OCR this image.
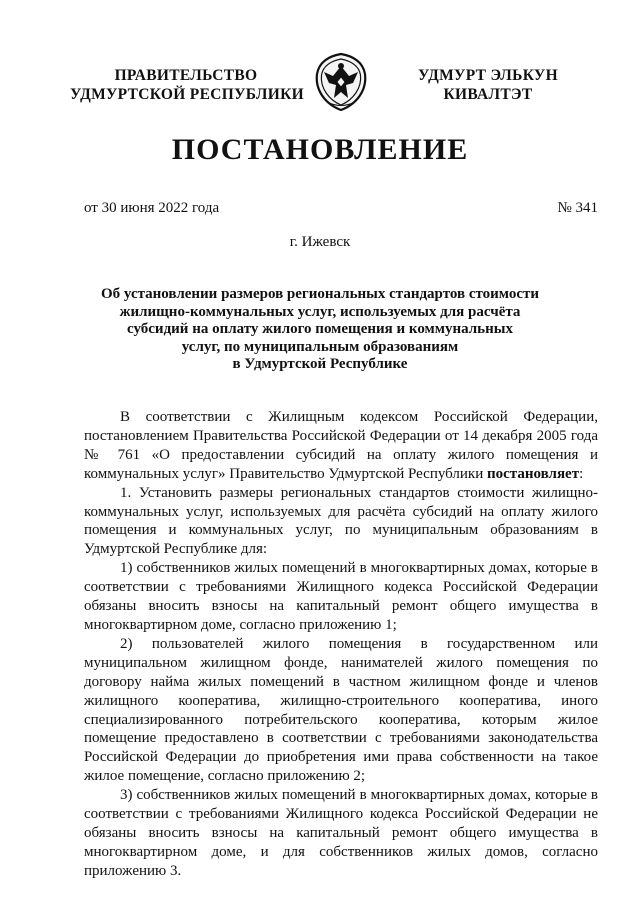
ПРАВИТЕЛЬСТВО
УДМУРТСКОЙ РЕСПУБЛИКИ
УДМУРТ ЭЛЬКУН
КИВАЛТЭТ
ПОСТАНОВЛЕНИЕ
от 30 июня 2022 года	№ 341
г. Ижевск
Об установлении размеров региональных стандартов стоимости
жилищно-коммунальных услуг, используемых для расчёта
субсидий на оплату жилого помещения и коммунальных
услуг, по муниципальным образованиям
в Удмуртской Республике

В соответствии с Жилищным кодексом Российской Федерации, постановлением Правительства Российской Федерации от 14 декабря 2005 года № 761 «О предоставлении субсидий на оплату жилого помещения и коммунальных услуг» Правительство Удмуртской Республики постановляет:

1. Установить размеры региональных стандартов стоимости жилищно-коммунальных услуг, используемых для расчёта субсидий на оплату жилого помещения и коммунальных услуг, по муниципальным образованиям в Удмуртской Республике для:

1) собственников жилых помещений в многоквартирных домах, которые в соответствии с требованиями Жилищного кодекса Российской Федерации обязаны вносить взносы на капитальный ремонт общего имущества в многоквартирном доме, согласно приложению 1;

2) пользователей жилого помещения в государственном или муниципальном жилищном фонде, нанимателей жилого помещения по договору найма жилых помещений в частном жилищном фонде и членов жилищного кооператива, жилищно-строительного кооператива, иного специализированного потребительского кооператива, которым жилое помещение предоставлено в соответствии с требованиями законодательства Российской Федерации до приобретения ими права собственности на такое жилое помещение, согласно приложению 2;

3) собственников жилых помещений в многоквартирных домах, которые в соответствии с требованиями Жилищного кодекса Российской Федерации не обязаны вносить взносы на капитальный ремонт общего имущества в многоквартирном доме, и для собственников жилых домов, согласно приложению 3.
